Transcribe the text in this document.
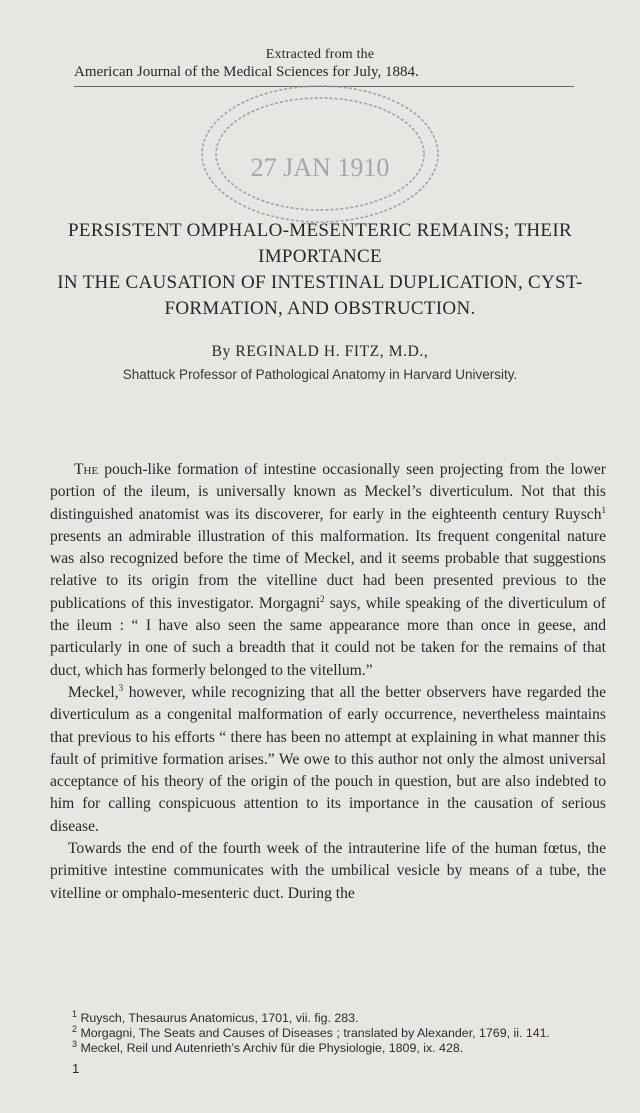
Extracted from the
American Journal of the Medical Sciences for July, 1884.
27 JAN 1910
PERSISTENT OMPHALO-MESENTERIC REMAINS; THEIR IMPORTANCE
IN THE CAUSATION OF INTESTINAL DUPLICATION, CYST-
FORMATION, AND OBSTRUCTION.
By REGINALD H. FITZ, M.D.,
Shattuck Professor of Pathological Anatomy in Harvard University.

The pouch-like formation of intestine occasionally seen projecting from the lower portion of the ileum, is universally known as Meckel’s diverticulum. Not that this distinguished anatomist was its discoverer, for early in the eighteenth century Ruysch$^1$ presents an admirable illustration of this malformation. Its frequent congenital nature was also recognized before the time of Meckel, and it seems probable that suggestions relative to its origin from the vitelline duct had been presented previous to the publications of this investigator. Morgagni$^2$ says, while speaking of the diverticulum of the ileum : “ I have also seen the same appearance more than once in geese, and particularly in one of such a breadth that it could not be taken for the remains of that duct, which has formerly belonged to the vitellum.”

Meckel,$^3$ however, while recognizing that all the better observers have regarded the diverticulum as a congenital malformation of early occurrence, nevertheless maintains that previous to his efforts “ there has been no attempt at explaining in what manner this fault of primitive formation arises.” We owe to this author not only the almost universal acceptance of his theory of the origin of the pouch in question, but are also indebted to him for calling conspicuous attention to its importance in the causation of serious disease.

Towards the end of the fourth week of the intrauterine life of the human fœtus, the primitive intestine communicates with the umbilical vesicle by means of a tube, the vitelline or omphalo-mesenteric duct. During the

$^1$ Ruysch, Thesaurus Anatomicus, 1701, vii. fig. 283.
$^2$ Morgagni, The Seats and Causes of Diseases ; translated by Alexander, 1769, ii. 141.
$^3$ Meckel, Reil und Autenrieth’s Archiv für die Physiologie, 1809, ix. 428.
1
